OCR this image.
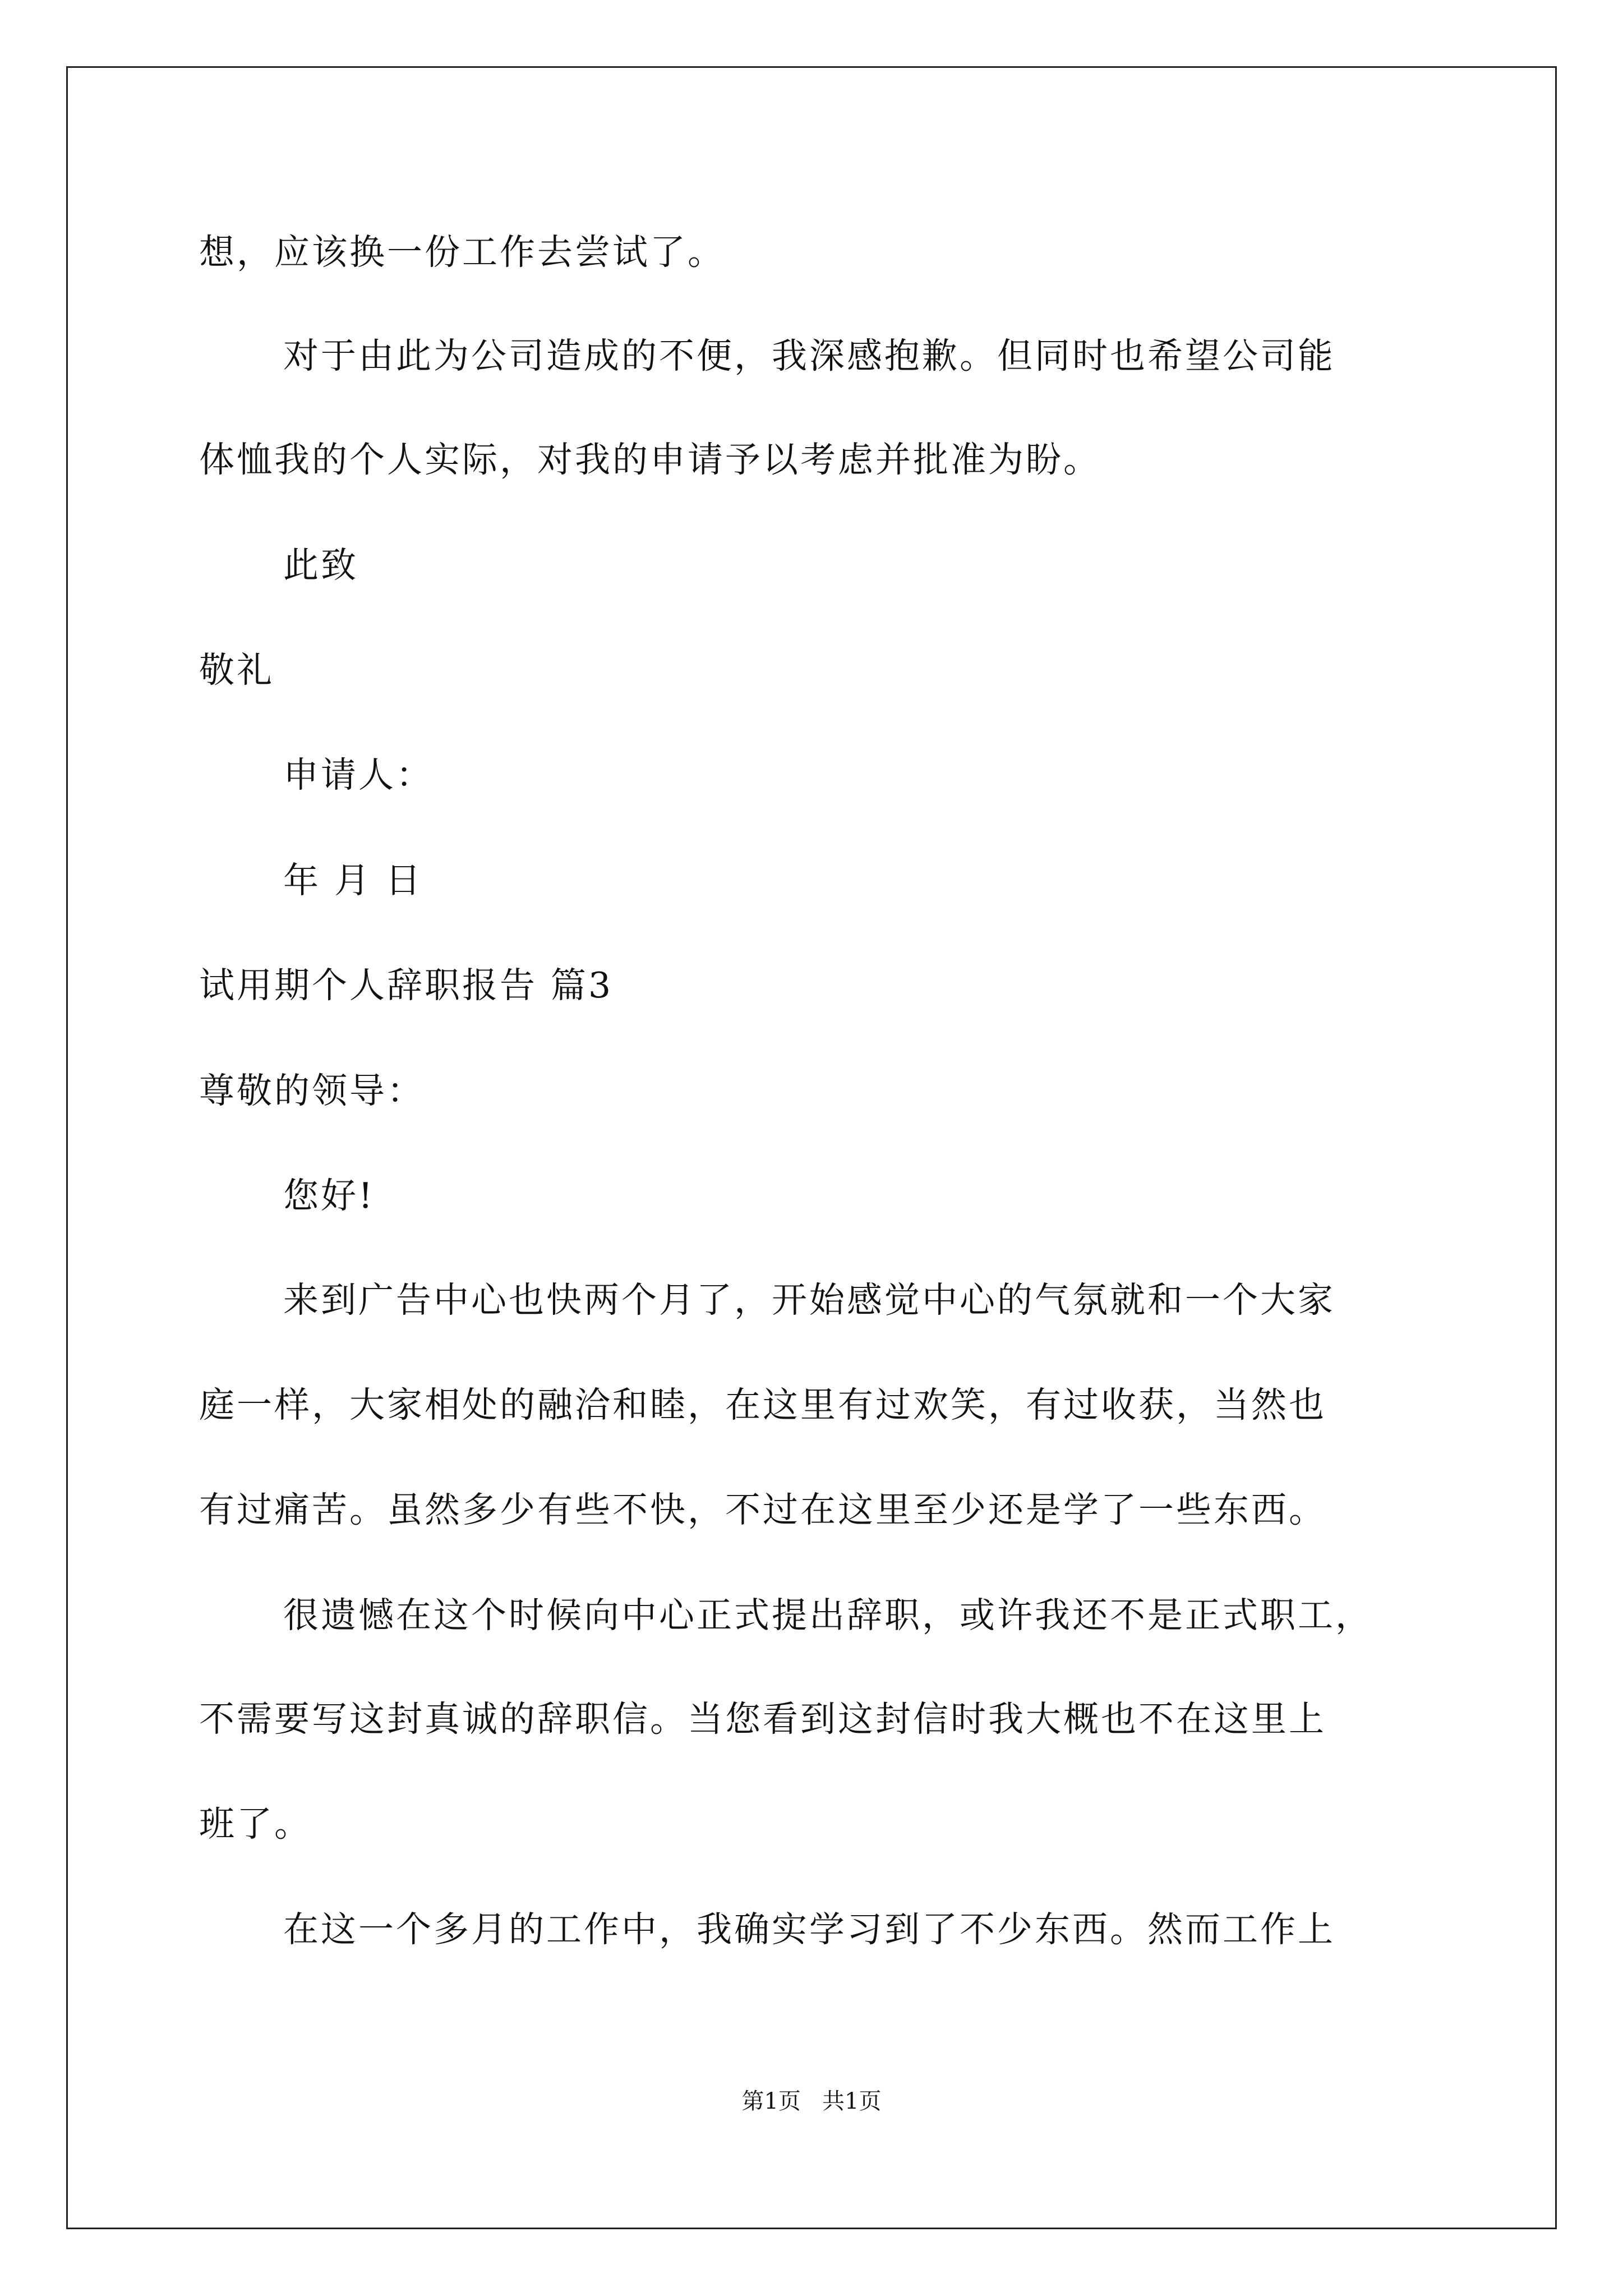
想，应该换一份工作去尝试了。
对于由此为公司造成的不便，我深感抱歉。但同时也希望公司能
体恤我的个人实际，对我的申请予以考虑并批准为盼。
此致
敬礼
申请人：
年 月 日
试用期个人辞职报告 篇3
尊敬的领导：
您好!
来到广告中心也快两个月了，开始感觉中心的气氛就和一个大家
庭一样，大家相处的融洽和睦，在这里有过欢笑，有过收获，当然也
有过痛苦。虽然多少有些不快，不过在这里至少还是学了一些东西。
很遗憾在这个时候向中心正式提出辞职，或许我还不是正式职工，
不需要写这封真诚的辞职信。当您看到这封信时我大概也不在这里上
班了。
在这一个多月的工作中，我确实学习到了不少东西。然而工作上
第1页   共1页
